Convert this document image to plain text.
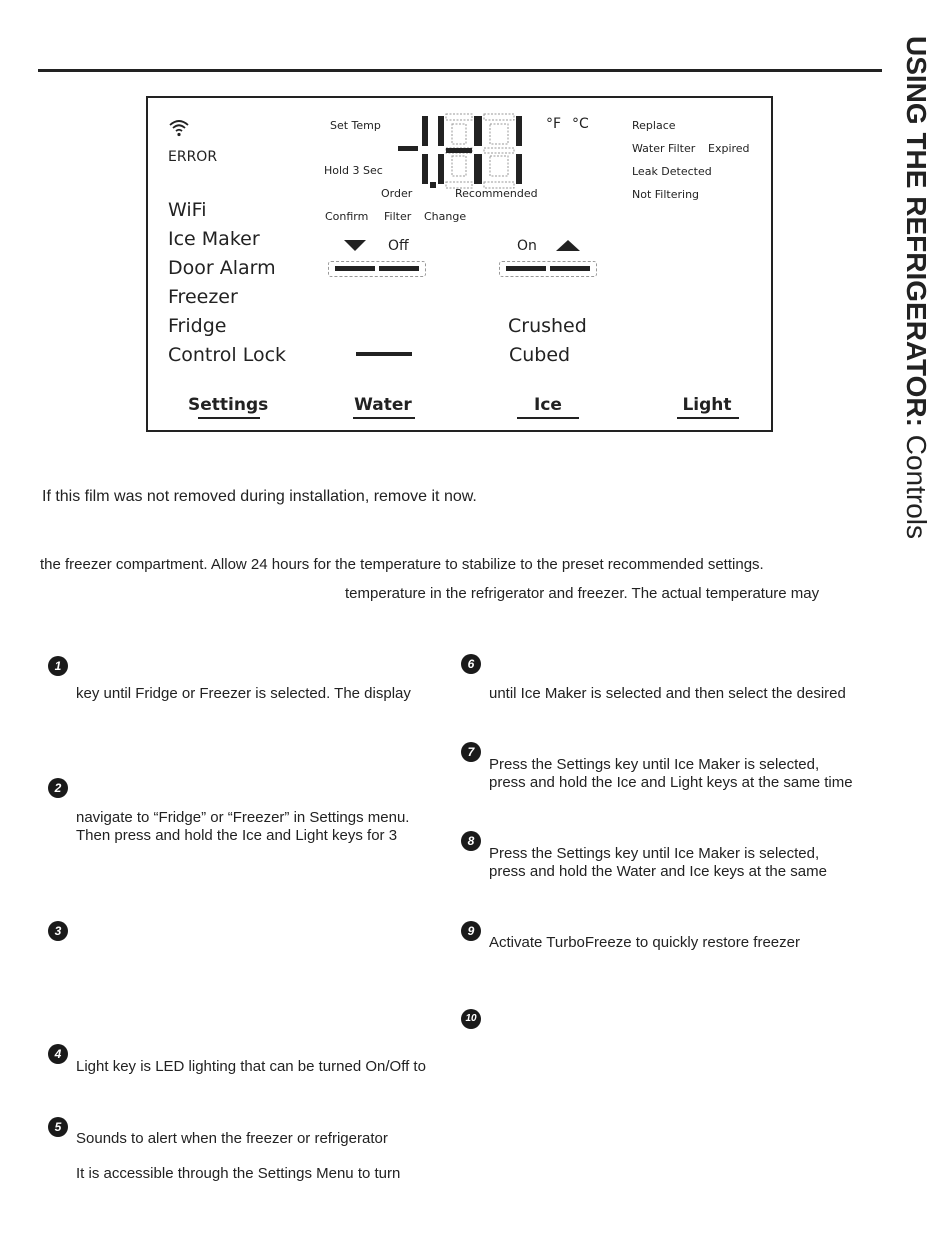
USING THE REFRIGERATOR: Controls
ERROR
Set Temp
Hold 3 Sec
°F °C
Order	Recommended
Confirm Filter Change
Replace
Water Filter Expired
Leak Detected
Not Filtering
WiFi
Ice Maker
Door Alarm
Freezer
Fridge
Control Lock
Off	On
Crushed
Cubed
Settings	Water	Ice	Light
If this film was not removed during installation, remove it now.
the freezer compartment. Allow 24 hours for the temperature to stabilize to the preset recommended settings.
temperature in the refrigerator and freezer. The actual temperature may
1
key until Fridge or Freezer is selected. The display
2
navigate to “Fridge” or “Freezer” in Settings menu.
Then press and hold the Ice and Light keys for 3
3
4
Light key is LED lighting that can be turned On/Off to
5
Sounds to alert when the freezer or refrigerator
It is accessible through the Settings Menu to turn
6
until Ice Maker is selected and then select the desired
7
Press the Settings key until Ice Maker is selected,
press and hold the Ice and Light keys at the same time
8
Press the Settings key until Ice Maker is selected,
press and hold the Water and Ice keys at the same
9
Activate TurboFreeze to quickly restore freezer
10
